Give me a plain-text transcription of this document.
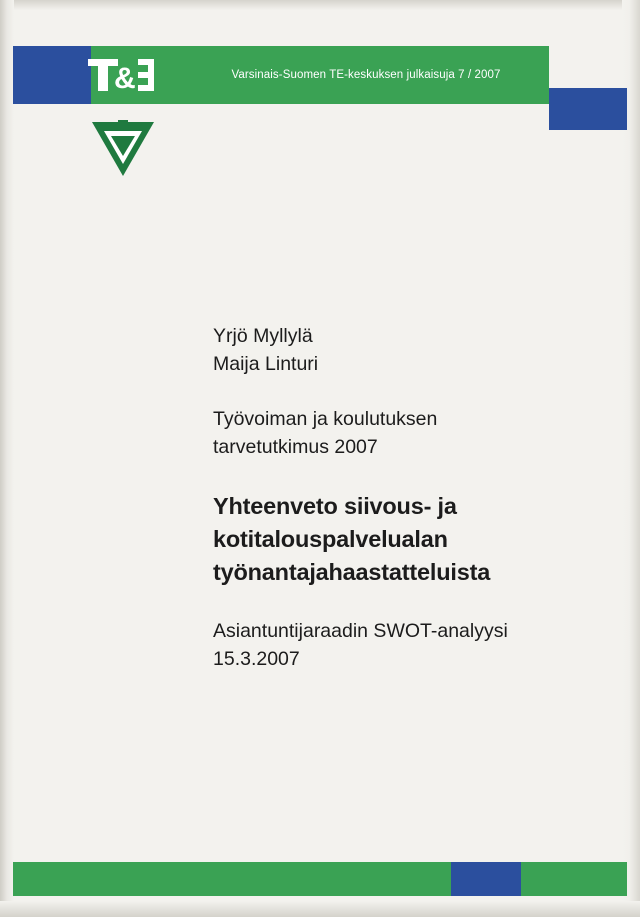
Varsinais-Suomen TE-keskuksen julkaisuja 7 / 2007
&
Yrjö Myllylä
Maija Linturi
Työvoiman ja koulutuksen
tarvetutkimus 2007
Yhteenveto siivous- ja
kotitalouspalvelualan
työnantajahaastatteluista
Asiantuntijaraadin SWOT-analyysi
15.3.2007
